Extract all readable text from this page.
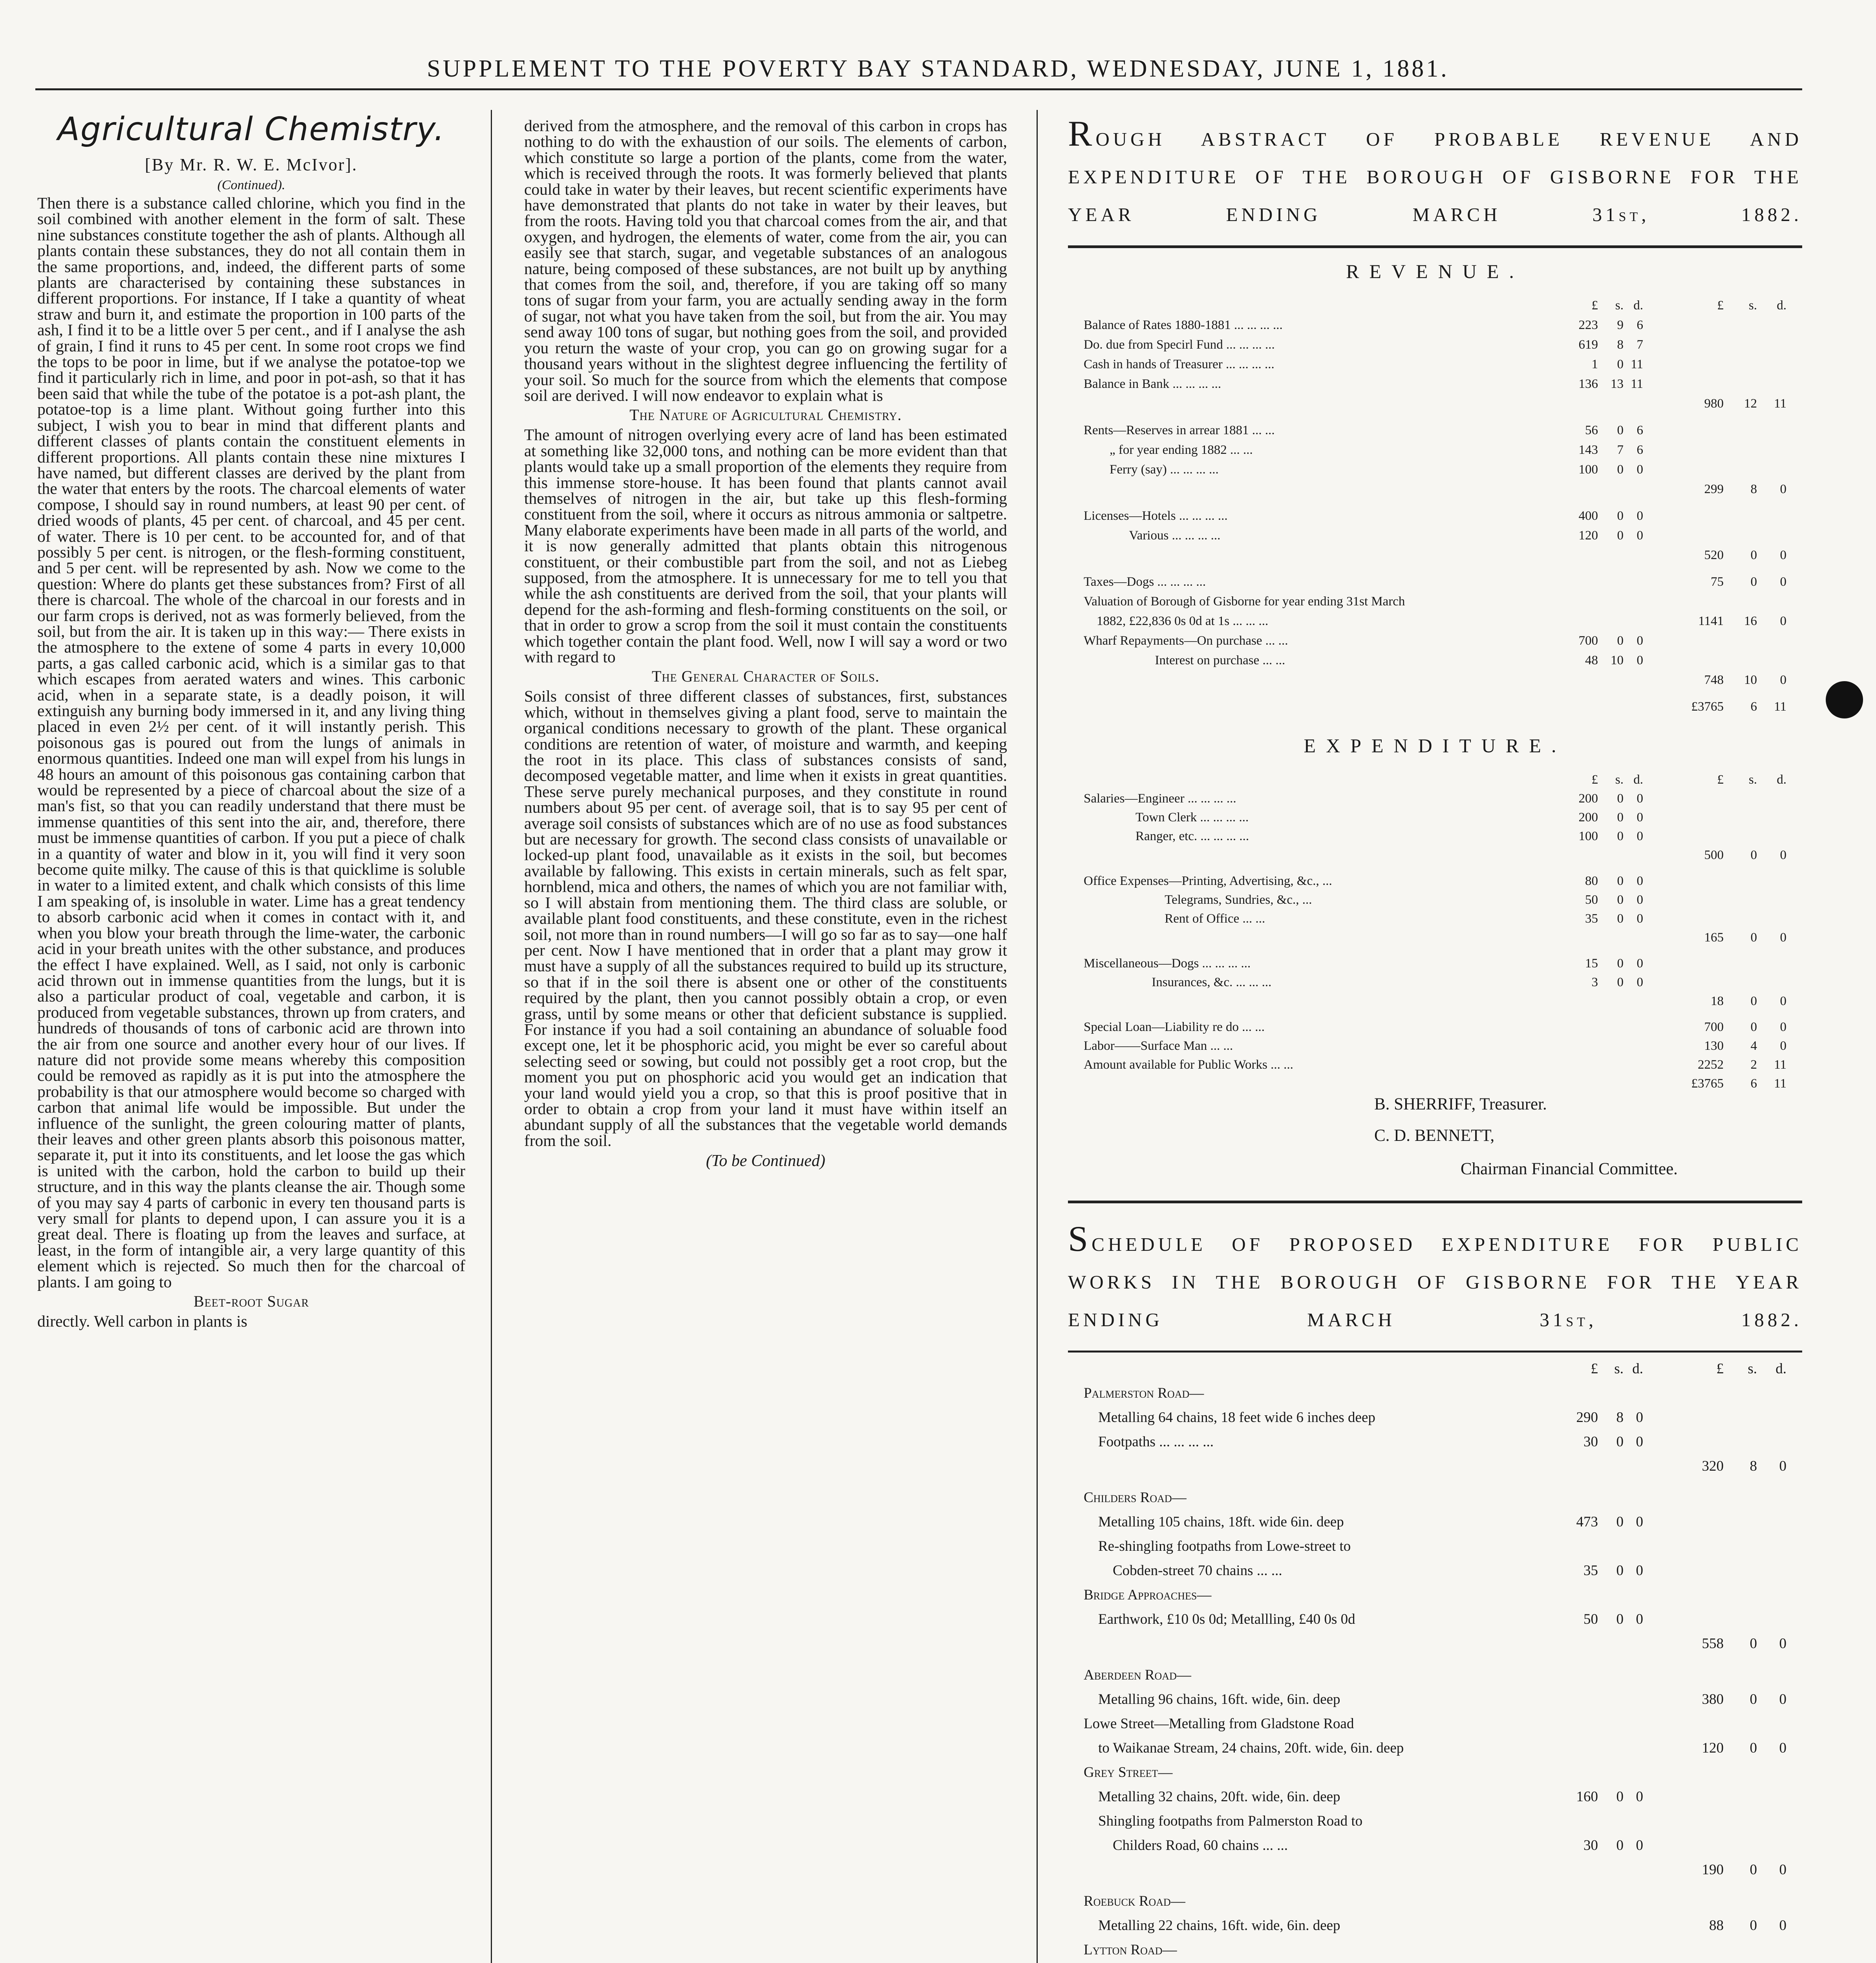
SUPPLEMENT TO THE POVERTY BAY STANDARD, WEDNESDAY, JUNE 1, 1881.
Agricultural Chemistry.
[By Mr. R. W. E. McIvor].
(Continued).

Then there is a substance called chlorine, which you find in the soil combined with another element in the form of salt. These nine substances constitute together the ash of plants. Although all plants contain these substances, they do not all contain them in the same proportions, and, indeed, the different parts of some plants are characterised by containing these substances in different proportions. For instance, If I take a quantity of wheat straw and burn it, and estimate the proportion in 100 parts of the ash, I find it to be a little over 5 per cent., and if I analyse the ash of grain, I find it runs to 45 per cent. In some root crops we find the tops to be poor in lime, but if we analyse the potatoe-top we find it particularly rich in lime, and poor in pot-ash, so that it has been said that while the tube of the potatoe is a pot-ash plant, the potatoe-top is a lime plant. Without going further into this subject, I wish you to bear in mind that different plants and different classes of plants contain the constituent elements in different proportions. All plants contain these nine mixtures I have named, but different classes are derived by the plant from the water that enters by the roots. The charcoal elements of water compose, I should say in round numbers, at least 90 per cent. of dried woods of plants, 45 per cent. of charcoal, and 45 per cent. of water. There is 10 per cent. to be accounted for, and of that possibly 5 per cent. is nitrogen, or the flesh-forming constituent, and 5 per cent. will be represented by ash. Now we come to the question: Where do plants get these substances from? First of all there is charcoal. The whole of the charcoal in our forests and in our farm crops is derived, not as was formerly believed, from the soil, but from the air. It is taken up in this way:— There exists in the atmosphere to the extene of some 4 parts in every 10,000 parts, a gas called carbonic acid, which is a similar gas to that which escapes from aerated waters and wines. This carbonic acid, when in a separate state, is a deadly poison, it will extinguish any burning body immersed in it, and any living thing placed in even 2½ per cent. of it will instantly perish. This poisonous gas is poured out from the lungs of animals in enormous quantities. Indeed one man will expel from his lungs in 48 hours an amount of this poisonous gas containing carbon that would be represented by a piece of charcoal about the size of a man's fist, so that you can readily understand that there must be immense quantities of this sent into the air, and, therefore, there must be immense quantities of carbon. If you put a piece of chalk in a quantity of water and blow in it, you will find it very soon become quite milky. The cause of this is that quicklime is soluble in water to a limited extent, and chalk which consists of this lime I am speaking of, is insoluble in water. Lime has a great tendency to absorb carbonic acid when it comes in contact with it, and when you blow your breath through the lime-water, the carbonic acid in your breath unites with the other substance, and produces the effect I have explained. Well, as I said, not only is carbonic acid thrown out in immense quantities from the lungs, but it is also a particular product of coal, vegetable and carbon, it is produced from vegetable substances, thrown up from craters, and hundreds of thousands of tons of carbonic acid are thrown into the air from one source and another every hour of our lives. If nature did not provide some means whereby this composition could be removed as rapidly as it is put into the atmosphere the probability is that our atmosphere would become so charged with carbon that animal life would be impossible. But under the influence of the sunlight, the green colouring matter of plants, their leaves and other green plants absorb this poisonous matter, separate it, put it into its constituents, and let loose the gas which is united with the carbon, hold the carbon to build up their structure, and in this way the plants cleanse the air. Though some of you may say 4 parts of carbonic in every ten thousand parts is very small for plants to depend upon, I can assure you it is a great deal. There is floating up from the leaves and surface, at least, in the form of intangible air, a very large quantity of this element which is rejected. So much then for the charcoal of plants. I am going to

Beet-root Sugar

directly. Well carbon in plants is

derived from the atmosphere, and the removal of this carbon in crops has nothing to do with the exhaustion of our soils. The elements of carbon, which constitute so large a portion of the plants, come from the water, which is received through the roots. It was formerly believed that plants could take in water by their leaves, but recent scientific experiments have have demonstrated that plants do not take in water by their leaves, but from the roots. Having told you that charcoal comes from the air, and that oxygen, and hydrogen, the elements of water, come from the air, you can easily see that starch, sugar, and vegetable substances of an analogous nature, being composed of these substances, are not built up by anything that comes from the soil, and, therefore, if you are taking off so many tons of sugar from your farm, you are actually sending away in the form of sugar, not what you have taken from the soil, but from the air. You may send away 100 tons of sugar, but nothing goes from the soil, and provided you return the waste of your crop, you can go on growing sugar for a thousand years without in the slightest degree influencing the fertility of your soil. So much for the source from which the elements that compose soil are derived. I will now endeavor to explain what is

The Nature of Agricultural Chemistry.

The amount of nitrogen overlying every acre of land has been estimated at something like 32,000 tons, and nothing can be more evident than that plants would take up a small proportion of the elements they require from this immense store-house. It has been found that plants cannot avail themselves of nitrogen in the air, but take up this flesh-forming constituent from the soil, where it occurs as nitrous ammonia or saltpetre. Many elaborate experiments have been made in all parts of the world, and it is now generally admitted that plants obtain this nitrogenous constituent, or their combustible part from the soil, and not as Liebeg supposed, from the atmosphere. It is unnecessary for me to tell you that while the ash constituents are derived from the soil, that your plants will depend for the ash-forming and flesh-forming constituents on the soil, or that in order to grow a scrop from the soil it must contain the constituents which together contain the plant food. Well, now I will say a word or two with regard to

The General Character of Soils.

Soils consist of three different classes of substances, first, substances which, without in themselves giving a plant food, serve to maintain the organical conditions necessary to growth of the plant. These organical conditions are retention of water, of moisture and warmth, and keeping the root in its place. This class of substances consists of sand, decomposed vegetable matter, and lime when it exists in great quantities. These serve purely mechanical purposes, and they constitute in round numbers about 95 per cent. of average soil, that is to say 95 per cent of average soil consists of substances which are of no use as food substances but are necessary for growth. The second class consists of unavailable or locked-up plant food, unavailable as it exists in the soil, but becomes available by fallowing. This exists in certain minerals, such as felt spar, hornblend, mica and others, the names of which you are not familiar with, so I will abstain from mentioning them. The third class are soluble, or available plant food constituents, and these constitute, even in the richest soil, not more than in round numbers—I will go so far as to say—one half per cent. Now I have mentioned that in order that a plant may grow it must have a supply of all the substances required to build up its structure, so that if in the soil there is absent one or other of the constituents required by the plant, then you cannot possibly obtain a crop, or even grass, until by some means or other that deficient substance is supplied. For instance if you had a soil containing an abundance of soluable food except one, let it be phosphoric acid, you might be ever so careful about selecting seed or sowing, but could not possibly get a root crop, but the moment you put on phosphoric acid you would get an indication that your land would yield you a crop, so that this is proof positive that in order to obtain a crop from your land it must have within itself an abundant supply of all the substances that the vegetable world demands from the soil.

(To be Continued)
ROUGH ABSTRACT OF PROBABLE REVENUE AND EXPENDITURE OF THE BOROUGH OF GISBORNE FOR THE YEAR ENDING MARCH 31st, 1882.
REVENUE.
£	s. d.	£	s.	d.
Balance of Rates 1880-1881 ... ... ... ...	223	9	6
Do. due from Specirl Fund ... ... ... ...	619	8	7
Cash in hands of Treasurer ... ... ... ...	1	0 11
Balance in Bank ... ... ... ...	136 13 11
980	12	11
Rents—Reserves in arrear 1881 ... ...	56	0	6
„ for year ending 1882 ... ...	143	7	6
Ferry (say) ... ... ... ...	100	0	0
299	8	0
Licenses—Hotels ... ... ... ...	400	0	0
Various ... ... ... ...	120	0	0
520	0	0
Taxes—Dogs ... ... ... ...	75	0	0
Valuation of Borough of Gisborne for year ending 31st March
1882, £22,836 0s 0d at 1s ... ... ...	1141	16	0
Wharf Repayments—On purchase ... ...	700	0	0
Interest on purchase ... ...	48 10	0
748	10	0
£3765	6	11
EXPENDITURE.
£	s. d.	£	s.	d.
Salaries—Engineer ... ... ... ...	200	0	0
Town Clerk ... ... ... ...	200	0	0
Ranger, etc. ... ... ... ...	100	0	0
500	0	0
Office Expenses—Printing, Advertising, &c., ...	80	0	0
Telegrams, Sundries, &c., ...	50	0	0
Rent of Office ... ...	35	0	0
165	0	0
Miscellaneous—Dogs ... ... ... ...	15	0	0
Insurances, &c. ... ... ...	3	0	0
18	0	0
Special Loan—Liability re do ... ...	700	0	0
Labor——Surface Man ... ...	130	4	0
Amount available for Public Works ... ...	2252	2	11
£3765	6	11
B. SHERRIFF, Treasurer.
C. D. BENNETT,
Chairman Financial Committee.
SCHEDULE OF PROPOSED EXPENDITURE FOR PUBLIC WORKS IN THE BOROUGH OF GISBORNE FOR THE YEAR ENDING MARCH 31st, 1882.
£	s. d.	£	s.	d.
Palmerston Road—
Metalling 64 chains, 18 feet wide 6 inches deep	290	8 0
Footpaths ... ... ... ...	30	0 0
320	8	0
Childers Road—
Metalling 105 chains, 18ft. wide 6in. deep	473	0 0
Re-shingling footpaths from Lowe-street to
Cobden-street 70 chains ... ...	35	0 0
Bridge Approaches—
Earthwork, £10 0s 0d; Metallling, £40 0s 0d	50	0 0
558	0	0
Aberdeen Road—
Metalling 96 chains, 16ft. wide, 6in. deep	380	0	0
Lowe Street—Metalling from Gladstone Road
to Waikanae Stream, 24 chains, 20ft. wide, 6in. deep	120	0	0
Grey Street—
Metalling 32 chains, 20ft. wide, 6in. deep	160	0 0
Shingling footpaths from Palmerston Road to
Childers Road, 60 chains ... ...	30	0 0
190	0	0
Roebuck Road—
Metalling 22 chains, 16ft. wide, 6in. deep	88	0	0
Lytton Road—
